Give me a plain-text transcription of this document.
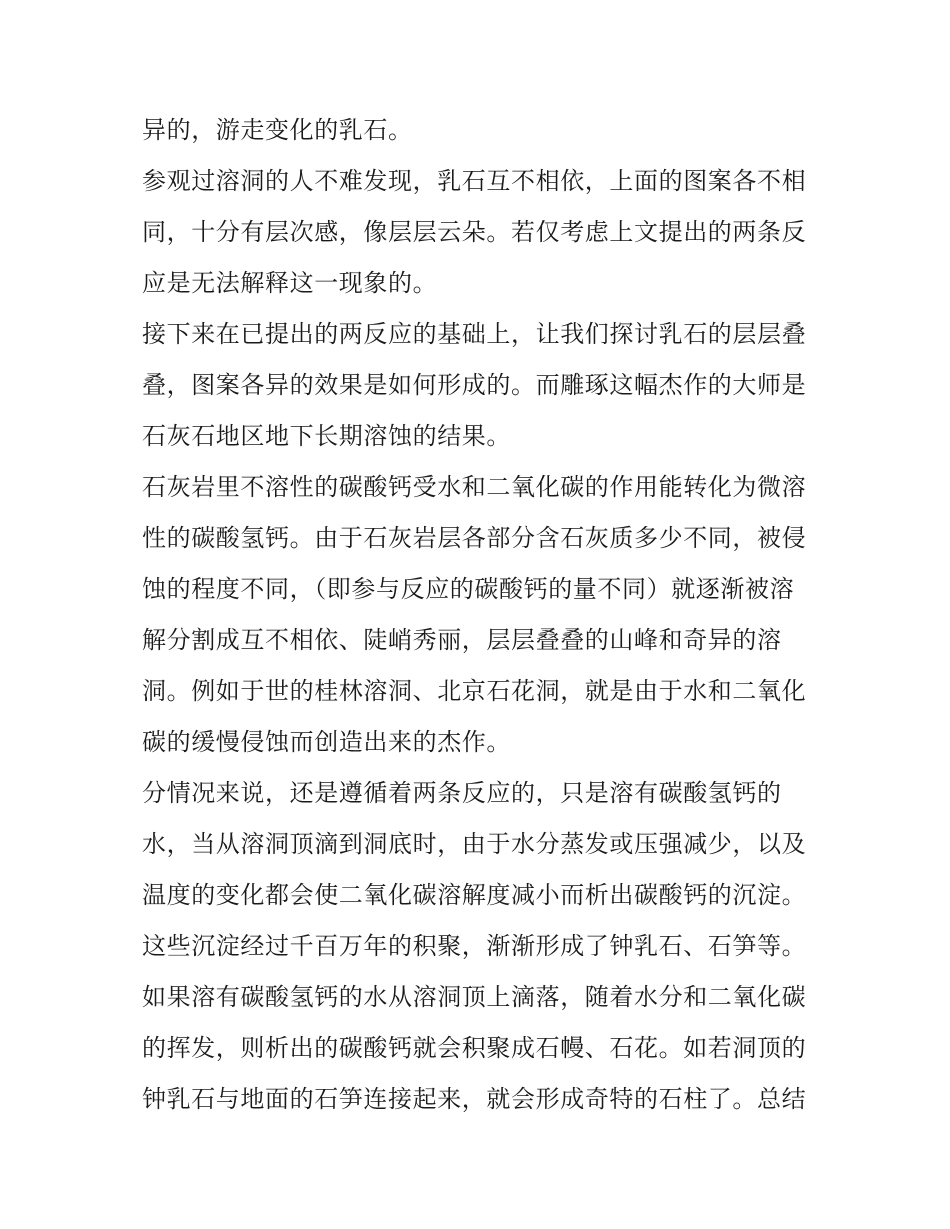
异的，游走变化的乳石。
参观过溶洞的人不难发现，乳石互不相依，上面的图案各不相
同，十分有层次感，像层层云朵。若仅考虑上文提出的两条反
应是无法解释这一现象的。
接下来在已提出的两反应的基础上，让我们探讨乳石的层层叠
叠，图案各异的效果是如何形成的。而雕琢这幅杰作的大师是
石灰石地区地下长期溶蚀的结果。
石灰岩里不溶性的碳酸钙受水和二氧化碳的作用能转化为微溶
性的碳酸氢钙。由于石灰岩层各部分含石灰质多少不同，被侵
蚀的程度不同，（即参与反应的碳酸钙的量不同）就逐渐被溶
解分割成互不相依、陡峭秀丽，层层叠叠的山峰和奇异的溶
洞。例如于世的桂林溶洞、北京石花洞，就是由于水和二氧化
碳的缓慢侵蚀而创造出来的杰作。
分情况来说，还是遵循着两条反应的，只是溶有碳酸氢钙的
水，当从溶洞顶滴到洞底时，由于水分蒸发或压强减少，以及
温度的变化都会使二氧化碳溶解度减小而析出碳酸钙的沉淀。
这些沉淀经过千百万年的积聚，渐渐形成了钟乳石、石笋等。
如果溶有碳酸氢钙的水从溶洞顶上滴落，随着水分和二氧化碳
的挥发，则析出的碳酸钙就会积聚成石幔、石花。如若洞顶的
钟乳石与地面的石笋连接起来，就会形成奇特的石柱了。总结
